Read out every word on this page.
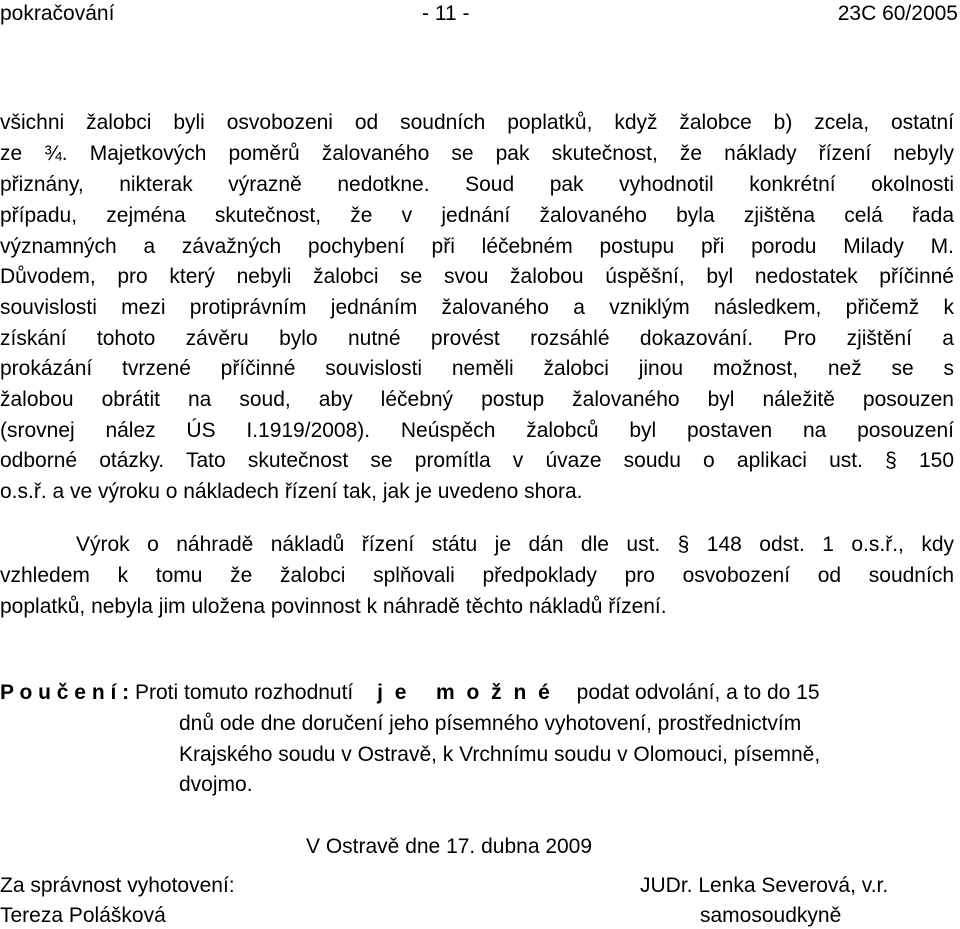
pokračování	- 11 -	23C 60/2005
všichni žalobci byli osvobozeni od soudních poplatků, když žalobce b) zcela, ostatní
ze ¾. Majetkových poměrů žalovaného se pak skutečnost, že náklady řízení nebyly
přiznány, nikterak výrazně nedotkne. Soud pak vyhodnotil konkrétní okolnosti
případu, zejména skutečnost, že v jednání žalovaného byla zjištěna celá řada
významných a závažných pochybení při léčebném postupu při porodu Milady M.
Důvodem, pro který nebyli žalobci se svou žalobou úspěšní, byl nedostatek příčinné
souvislosti mezi protiprávním jednáním žalovaného a vzniklým následkem, přičemž k
získání tohoto závěru bylo nutné provést rozsáhlé dokazování. Pro zjištění a
prokázání tvrzené příčinné souvislosti neměli žalobci jinou možnost, než se s
žalobou obrátit na soud, aby léčebný postup žalovaného byl náležitě posouzen
(srovnej nález ÚS I.1919/2008). Neúspěch žalobců byl postaven na posouzení
odborné otázky. Tato skutečnost se promítla v úvaze soudu o aplikaci ust. § 150
o.s.ř. a ve výroku o nákladech řízení tak, jak je uvedeno shora.
Výrok o náhradě nákladů řízení státu je dán dle ust. § 148 odst. 1 o.s.ř., kdy
vzhledem k tomu že žalobci splňovali předpoklady pro osvobození od soudních
poplatků, nebyla jim uložena povinnost k náhradě těchto nákladů řízení.
P o u č e n í : Proti tomuto rozhodnutí j e   m o ž n é podat odvolání, a to do 15
dnů ode dne doručení jeho písemného vyhotovení, prostřednictvím
Krajského soudu v Ostravě, k Vrchnímu soudu v Olomouci, písemně,
dvojmo.
V Ostravě dne 17. dubna 2009
Za správnost vyhotovení:
Tereza Polášková
JUDr. Lenka Severová, v.r.
samosoudkyně
